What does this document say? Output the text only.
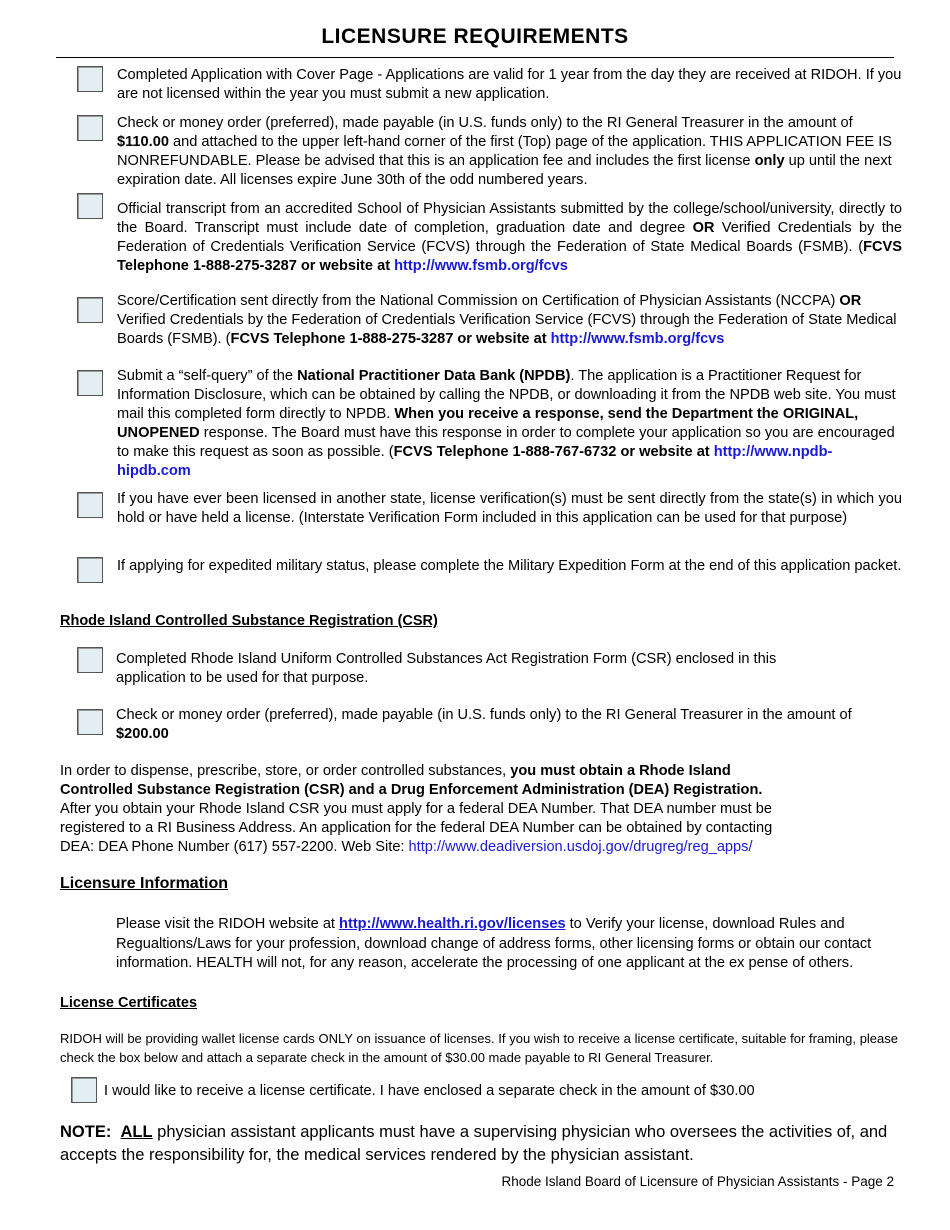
LICENSURE REQUIREMENTS
Completed Application with Cover Page - Applications are valid for 1 year from the day they are received at RIDOH. If you are not licensed within the year you must submit a new application.
Check or money order (preferred), made payable (in U.S. funds only) to the RI General Treasurer in the amount of $110.00 and attached to the upper left-hand corner of the first (Top) page of the application. THIS APPLICATION FEE IS NONREFUNDABLE. Please be advised that this is an application fee and includes the first license only up until the next expiration date. All licenses expire June 30th of the odd numbered years.
Official transcript from an accredited School of Physician Assistants submitted by the college/school/university, directly to the Board. Transcript must include date of completion, graduation date and degree OR Verified Credentials by the Federation of Credentials Verification Service (FCVS) through the Federation of State Medical Boards (FSMB). (FCVS Telephone 1-888-275-3287 or website at http://www.fsmb.org/fcvs
Score/Certification sent directly from the National Commission on Certification of Physician Assistants (NCCPA) OR Verified Credentials by the Federation of Credentials Verification Service (FCVS) through the Federation of State Medical Boards (FSMB). (FCVS Telephone 1-888-275-3287 or website at http://www.fsmb.org/fcvs
Submit a “self-query” of the National Practitioner Data Bank (NPDB). The application is a Practitioner Request for Information Disclosure, which can be obtained by calling the NPDB, or downloading it from the NPDB web site. You must mail this completed form directly to NPDB. When you receive a response, send the Department the ORIGINAL, UNOPENED response. The Board must have this response in order to complete your application so you are encouraged to make this request as soon as possible. (FCVS Telephone 1-888-767-6732 or website at http://www.npdb-hipdb.com
If you have ever been licensed in another state, license verification(s) must be sent directly from the state(s) in which you hold or have held a license. (Interstate Verification Form included in this application can be used for that purpose)
If applying for expedited military status, please complete the Military Expedition Form at the end of this application packet.
Rhode Island Controlled Substance Registration (CSR)
Completed Rhode Island Uniform Controlled Substances Act Registration Form (CSR) enclosed in this application to be used for that purpose.
Check or money order (preferred), made payable (in U.S. funds only) to the RI General Treasurer in the amount of $200.00
In order to dispense, prescribe, store, or order controlled substances, you must obtain a Rhode Island
Controlled Substance Registration (CSR) and a Drug Enforcement Administration (DEA) Registration.
After you obtain your Rhode Island CSR you must apply for a federal DEA Number. That DEA number must be
registered to a RI Business Address. An application for the federal DEA Number can be obtained by contacting
DEA: DEA Phone Number (617) 557-2200. Web Site: http://www.deadiversion.usdoj.gov/drugreg/reg_apps/
Licensure Information
Please visit the RIDOH website at http://www.health.ri.gov/licenses to Verify your license, download Rules and Regualtions/Laws for your profession, download change of address forms, other licensing forms or obtain our contact information. HEALTH will not, for any reason, accelerate the processing of one applicant at the ex pense of others.
License Certificates
RIDOH will be providing wallet license cards ONLY on issuance of licenses. If you wish to receive a license certificate, suitable for framing, please check the box below and attach a separate check in the amount of $30.00 made payable to RI General Treasurer.
I would like to receive a license certificate. I have enclosed a separate check in the amount of $30.00
NOTE: ALL physician assistant applicants must have a supervising physician who oversees the activities of, and accepts the responsibility for, the medical services rendered by the physician assistant.
Rhode Island Board of Licensure of Physician Assistants - Page 2
